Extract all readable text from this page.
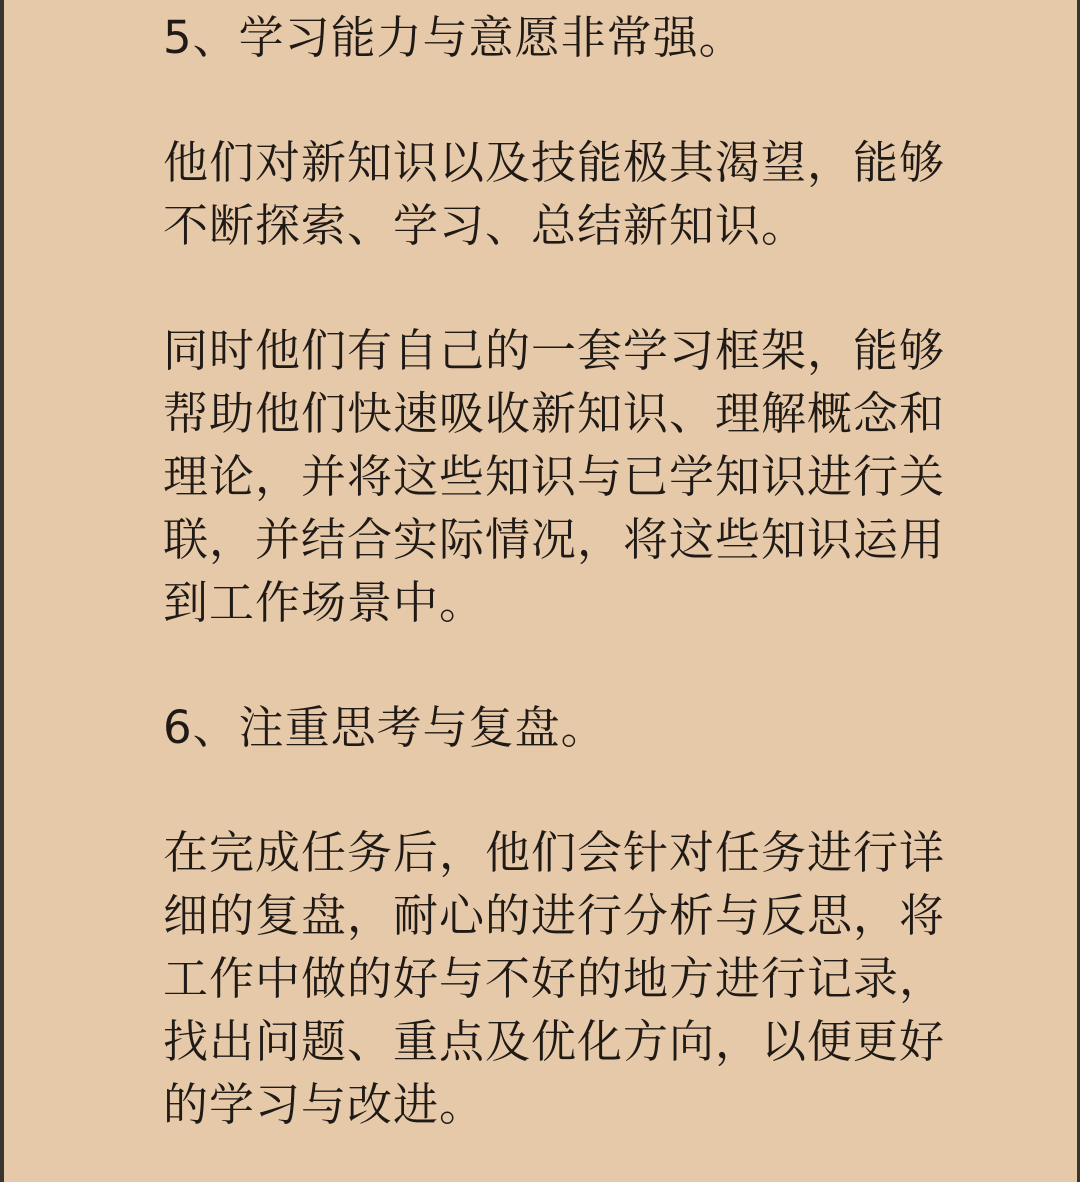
5、学习能力与意愿非常强。
他们对新知识以及技能极其渴望，能够
不断探索、学习、总结新知识。
同时他们有自己的一套学习框架，能够
帮助他们快速吸收新知识、理解概念和
理论，并将这些知识与已学知识进行关
联，并结合实际情况，将这些知识运用
到工作场景中。
6、注重思考与复盘。
在完成任务后，他们会针对任务进行详
细的复盘，耐心的进行分析与反思，将
工作中做的好与不好的地方进行记录，
找出问题、重点及优化方向，以便更好
的学习与改进。
